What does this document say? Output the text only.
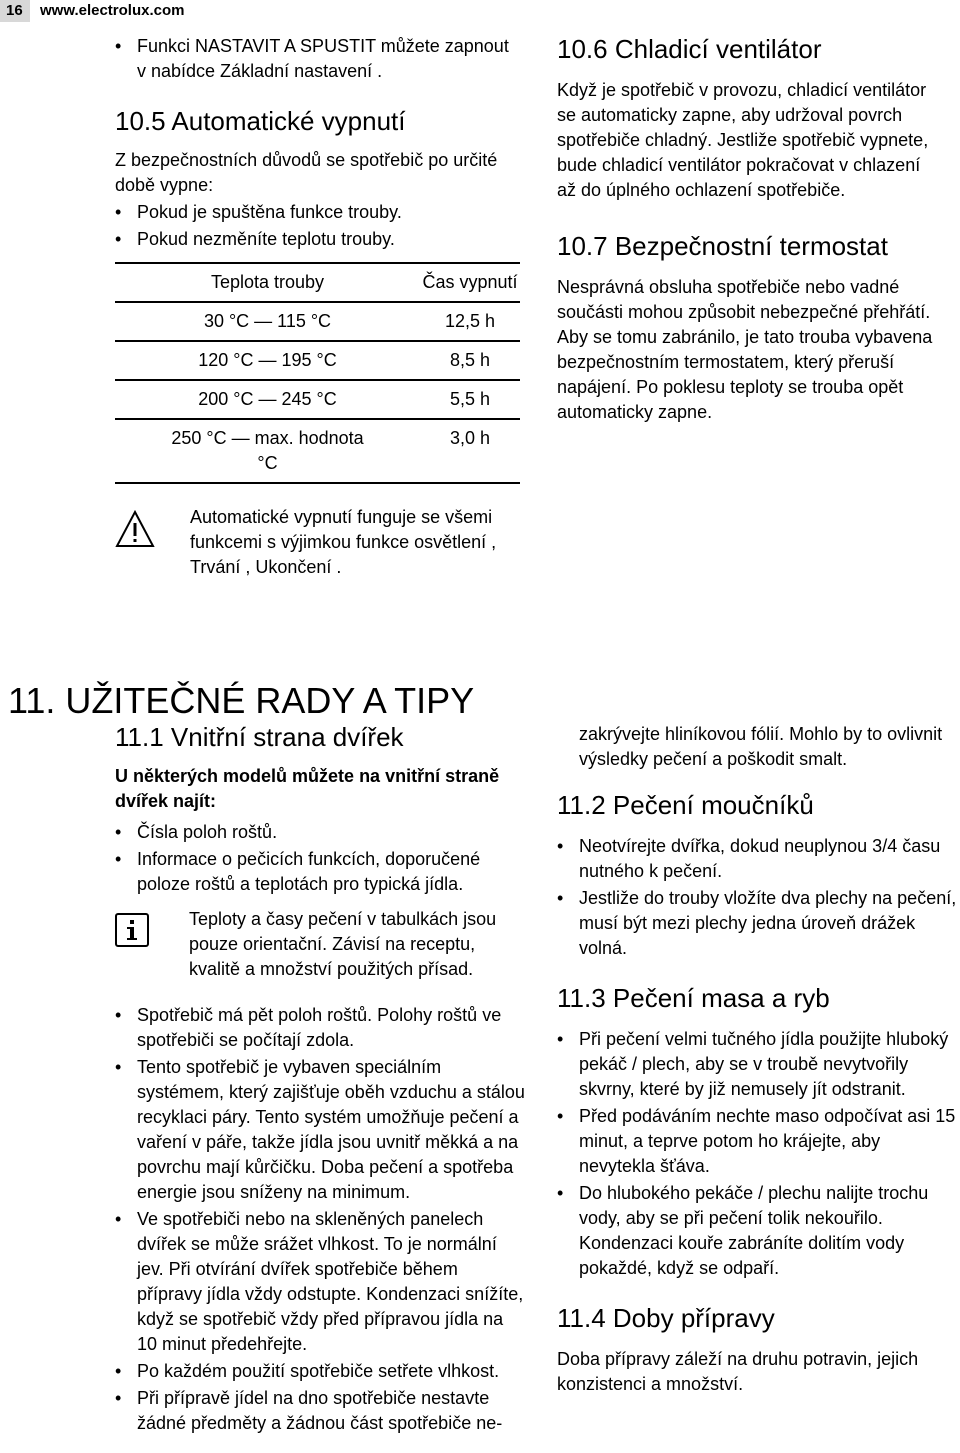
16	www.electrolux.com
• Funkci NASTAVIT A SPUSTIT můžete zapnout v nabídce Základní nastavení .
10.5 Automatické vypnutí

Z bezpečnostních důvodů se spotřebič po určité době vypne:

• Pokud je spuštěna funkce trouby.
• Pokud nezměníte teplotu trouby.
Teplota trouby	Čas vypnutí
30 °C — 115 °C	12,5 h
120 °C — 195 °C	8,5 h
200 °C — 245 °C	5,5 h
250 °C — max. hodnota °C	3,0 h
Automatické vypnutí funguje se všemi funkcemi s výjimkou funkce osvětlení , Trvání , Ukončení .
10.6 Chladicí ventilátor

Když je spotřebič v provozu, chladicí ventilátor se automaticky zapne, aby udržoval povrch spotřebiče chladný. Jestliže spotřebič vypnete, bude chladicí ventilátor pokračovat v chlazení až do úplného ochlazení spotřebiče.

10.7 Bezpečnostní termostat

Nesprávná obsluha spotřebiče nebo vadné součásti mohou způsobit nebezpečné přehřátí. Aby se tomu zabránilo, je tato trouba vybavena bezpečnostním termostatem, který přeruší napájení. Po poklesu teploty se trouba opět automaticky zapne.

11. UŽITEČNÉ RADY A TIPY
11.1 Vnitřní strana dvířek
U některých modelů můžete na vnitřní straně dvířek najít:
• Čísla poloh roštů.
• Informace o pečicích funkcích, doporučené poloze roštů a teplotách pro typická jídla.
Teploty a časy pečení v tabulkách jsou pouze orientační. Závisí na receptu, kvalitě a množství použitých přísad.
• Spotřebič má pět poloh roštů. Polohy roštů ve spotřebiči se počítají zdola.
• Tento spotřebič je vybaven speciálním systémem, který zajišťuje oběh vzduchu a stálou recyklaci páry. Tento systém umožňuje pečení a vaření v páře, takže jídla jsou uvnitř měkká a na povrchu mají kůrčičku. Doba pečení a spotřeba energie jsou sníženy na minimum.
• Ve spotřebiči nebo na skleněných panelech dvířek se může srážet vlhkost. To je normální jev. Při otvírání dvířek spotřebiče během přípravy jídla vždy odstupte. Kondenzaci snížíte, když se spotřebič vždy před přípravou jídla na 10 minut předehřejte.
• Po každém použití spotřebiče setřete vlhkost.
• Při přípravě jídel na dno spotřebiče nestavte žádné předměty a žádnou část spotřebiče ne-

zakrývejte hliníkovou fólií. Mohlo by to ovlivnit výsledky pečení a poškodit smalt.

11.2 Pečení moučníků
• Neotvírejte dvířka, dokud neuplynou 3/4 času nutného k pečení.
• Jestliže do trouby vložíte dva plechy na pečení, musí být mezi plechy jedna úroveň drážek volná.
11.3 Pečení masa a ryb
• Při pečení velmi tučného jídla použijte hluboký pekáč / plech, aby se v troubě nevytvořily skvrny, které by již nemusely jít odstranit.
• Před podáváním nechte maso odpočívat asi 15 minut, a teprve potom ho krájejte, aby nevytekla šťáva.
• Do hlubokého pekáče / plechu nalijte trochu vody, aby se při pečení tolik nekouřilo. Kondenzaci kouře zabráníte dolitím vody pokaždé, když se odpaří.
11.4 Doby přípravy

Doba přípravy záleží na druhu potravin, jejich konzistenci a množství.
